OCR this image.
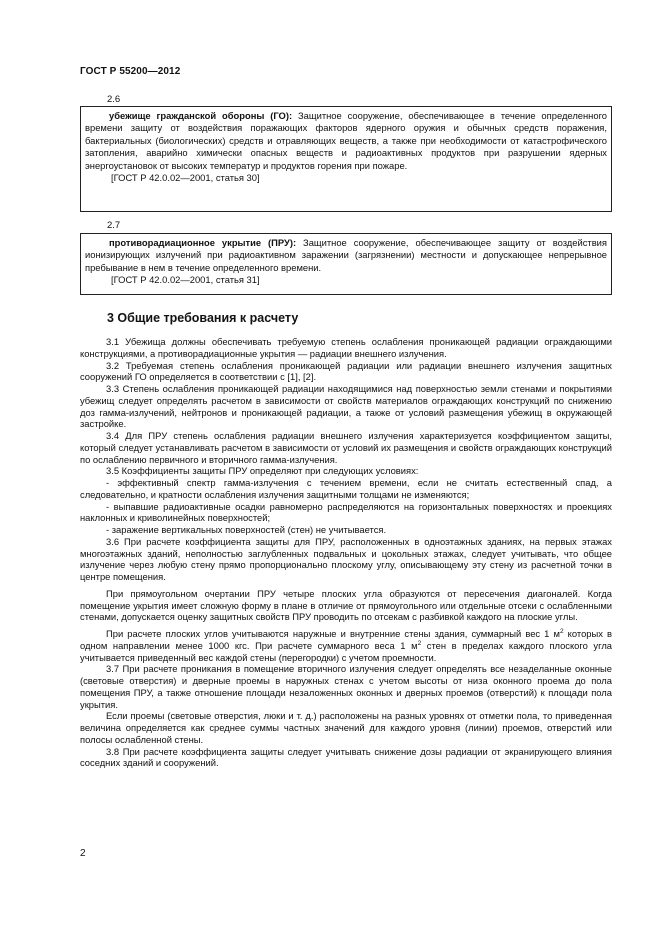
ГОСТ Р 55200—2012
2.6

убежище гражданской обороны (ГО): Защитное сооружение, обеспечивающее в течение определенного времени защиту от воздействия поражающих факторов ядерного оружия и обычных средств поражения, бактериальных (биологических) средств и отравляющих веществ, а также при необходимости от катастрофического затопления, аварийно химически опасных веществ и радиоактивных продуктов при разрушении ядерных энергоустановок от высоких температур и продуктов горения при пожаре.

[ГОСТ Р 42.0.02—2001, статья 30]

2.7

противорадиационное укрытие (ПРУ): Защитное сооружение, обеспечивающее защиту от воздействия ионизирующих излучений при радиоактивном заражении (загрязнении) местности и допускающее непрерывное пребывание в нем в течение определенного времени.

[ГОСТ Р 42.0.02—2001, статья 31]

3 Общие требования к расчету

3.1 Убежища должны обеспечивать требуемую степень ослабления проникающей радиации ограждающими конструкциями, а противорадиационные укрытия — радиации внешнего излучения.

3.2 Требуемая степень ослабления проникающей радиации или радиации внешнего излучения защитных сооружений ГО определяется в соответствии с [1], [2].

3.3 Степень ослабления проникающей радиации находящимися над поверхностью земли стенами и покрытиями убежищ следует определять расчетом в зависимости от свойств материалов ограждающих конструкций по снижению доз гамма-излучений, нейтронов и проникающей радиации, а также от условий размещения убежищ в окружающей застройке.

3.4 Для ПРУ степень ослабления радиации внешнего излучения характеризуется коэффициентом защиты, который следует устанавливать расчетом в зависимости от условий их размещения и свойств ограждающих конструкций по ослаблению первичного и вторичного гамма-излучения.

3.5 Коэффициенты защиты ПРУ определяют при следующих условиях:

- эффективный спектр гамма-излучения с течением времени, если не считать естественный спад, а следовательно, и кратности ослабления излучения защитными толщами не изменяются;

- выпавшие радиоактивные осадки равномерно распределяются на горизонтальных поверхностях и проекциях наклонных и криволинейных поверхностей;

- заражение вертикальных поверхностей (стен) не учитывается.

3.6 При расчете коэффициента защиты для ПРУ, расположенных в одноэтажных зданиях, на первых этажах многоэтажных зданий, неполностью заглубленных подвальных и цокольных этажах, следует учитывать, что общее излучение через любую стену прямо пропорционально плоскому углу, описывающему эту стену из расчетной точки в центре помещения.

При прямоугольном очертании ПРУ четыре плоских угла образуются от пересечения диагоналей. Когда помещение укрытия имеет сложную форму в плане в отличие от прямоугольного или отдельные отсеки с ослабленными стенами, допускается оценку защитных свойств ПРУ проводить по отсекам с разбивкой каждого на плоские углы.

При расчете плоских углов учитываются наружные и внутренние стены здания, суммарный вес 1 $м^2$ которых в одном направлении менее 1000 кгс. При расчете суммарного веса 1 $м^2$ стен в пределах каждого плоского угла учитывается приведенный вес каждой стены (перегородки) с учетом проемности.

3.7 При расчете проникания в помещение вторичного излучения следует определять все незаделанные оконные (световые отверстия) и дверные проемы в наружных стенах с учетом высоты от низа оконного проема до пола помещения ПРУ, а также отношение площади незаложенных оконных и дверных проемов (отверстий) к площади пола укрытия.

Если проемы (световые отверстия, люки и т. д.) расположены на разных уровнях от отметки пола, то приведенная величина определяется как среднее суммы частных значений для каждого уровня (линии) проемов, отверстий или полосы ослабленной стены.

3.8 При расчете коэффициента защиты следует учитывать снижение дозы радиации от экранирующего влияния соседних зданий и сооружений.

2
